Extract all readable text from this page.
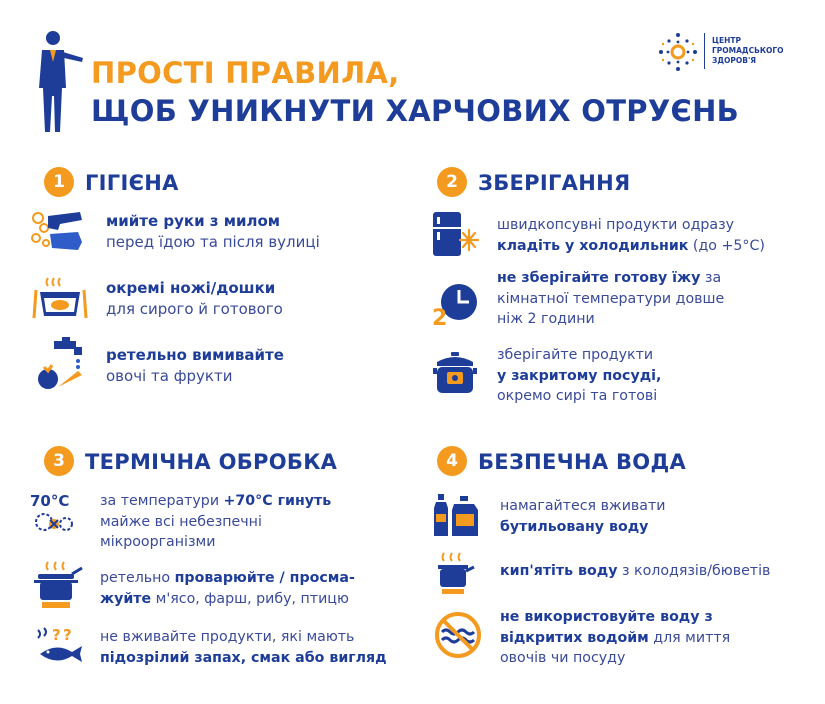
ПРОСТІ ПРАВИЛА,
ЩОБ УНИКНУТИ ХАРЧОВИХ ОТРУЄНЬ
ЦЕНТР
ГРОМАДСЬКОГО
ЗДОРОВ'Я
1 ГІГІЄНА
мийте руки з милом
перед їдою та після вулиці
окремі ножі/дошки
для сирого й готового
ретельно вимивайте
овочі та фрукти
2 ЗБЕРІГАННЯ
швидкопсувні продукти одразу
кладіть у холодильник (до +5°C)
2
не зберігайте готову їжу за
кімнатної температури довше
ніж 2 години
зберігайте продукти
у закритому посуді,
окремо сирі та готові
3 ТЕРМІЧНА ОБРОБКА
70°C за температури +70°C гинуть
майже всі небезпечні
мікроорганізми
ретельно проварюйте / просма-
жуйте м'ясо, фарш, рибу, птицю
? ? не вживайте продукти, які мають
підозрілий запах, смак або вигляд
4 БЕЗПЕЧНА ВОДА
намагайтеся вживати
бутильовану воду
кип'ятіть воду з колодязів/бюветів
не використовуйте воду з
відкритих водойм для миття
овочів чи посуду
